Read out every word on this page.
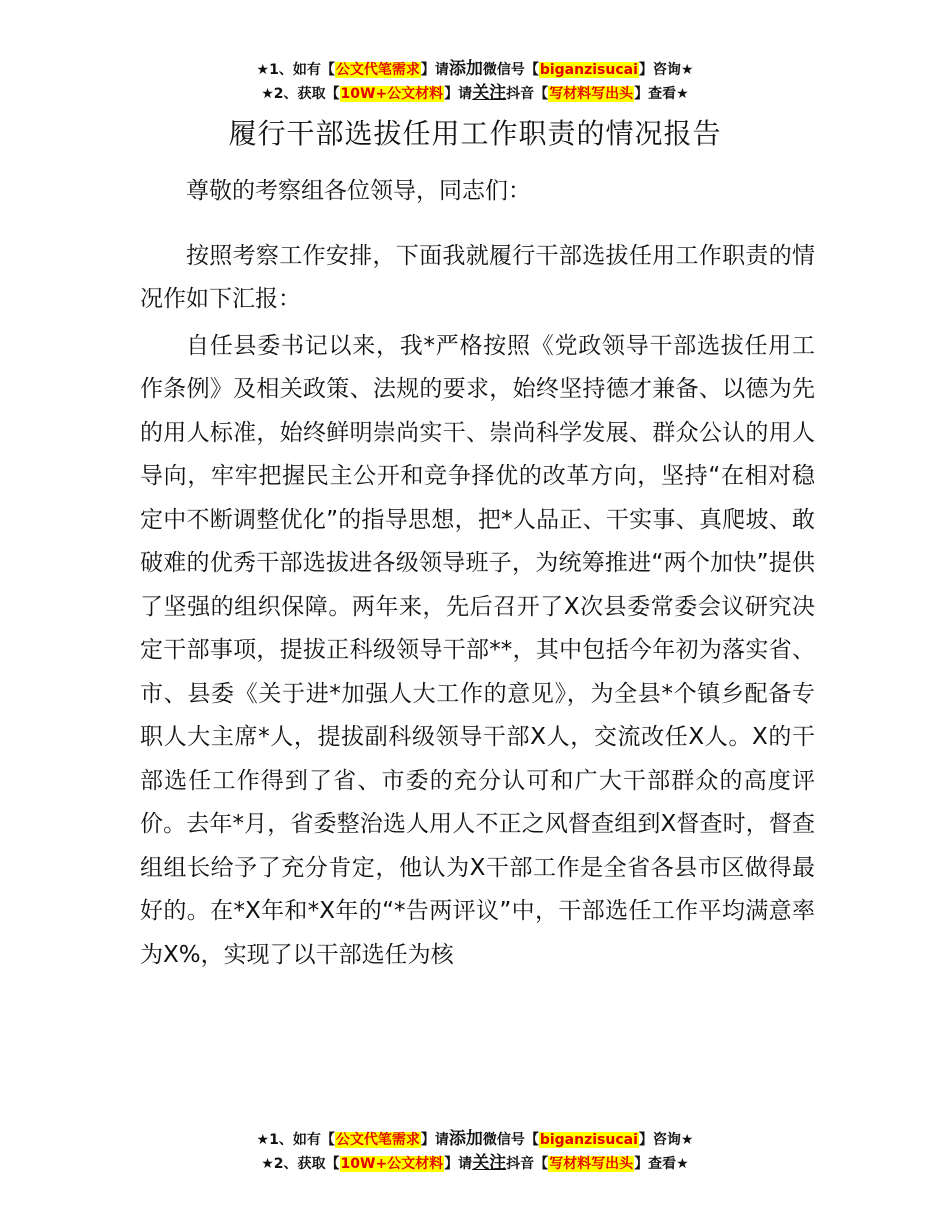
★1、如有【公文代笔需求】请添加微信号【biganzisucai】咨询★
★2、获取【10W+公文材料】请关注抖音【写材料写出头】查看★
履行干部选拔任用工作职责的情况报告

尊敬的考察组各位领导，同志们：

按照考察工作安排，下面我就履行干部选拔任用工作职责的情况作如下汇报：

自任县委书记以来，我*严格按照《党政领导干部选拔任用工作条例》及相关政策、法规的要求，始终坚持德才兼备、以德为先的用人标准，始终鲜明崇尚实干、崇尚科学发展、群众公认的用人导向，牢牢把握民主公开和竞争择优的改革方向，坚持“在相对稳定中不断调整优化”的指导思想，把*人品正、干实事、真爬坡、敢破难的优秀干部选拔进各级领导班子，为统筹推进“两个加快”提供了坚强的组织保障。两年来，先后召开了X次县委常委会议研究决定干部事项，提拔正科级领导干部**，其中包括今年初为落实省、市、县委《关于进*加强人大工作的意见》，为全县*个镇乡配备专职人大主席*人，提拔副科级领导干部X人，交流改任X人。X的干部选任工作得到了省、市委的充分认可和广大干部群众的高度评价。去年*月，省委整治选人用人不正之风督查组到X督查时，督查组组长给予了充分肯定，他认为X干部工作是全省各县市区做得最好的。在*X年和*X年的“*告两评议”中，干部选任工作平均满意率为X%，实现了以干部选任为核

★1、如有【公文代笔需求】请添加微信号【biganzisucai】咨询★
★2、获取【10W+公文材料】请关注抖音【写材料写出头】查看★
